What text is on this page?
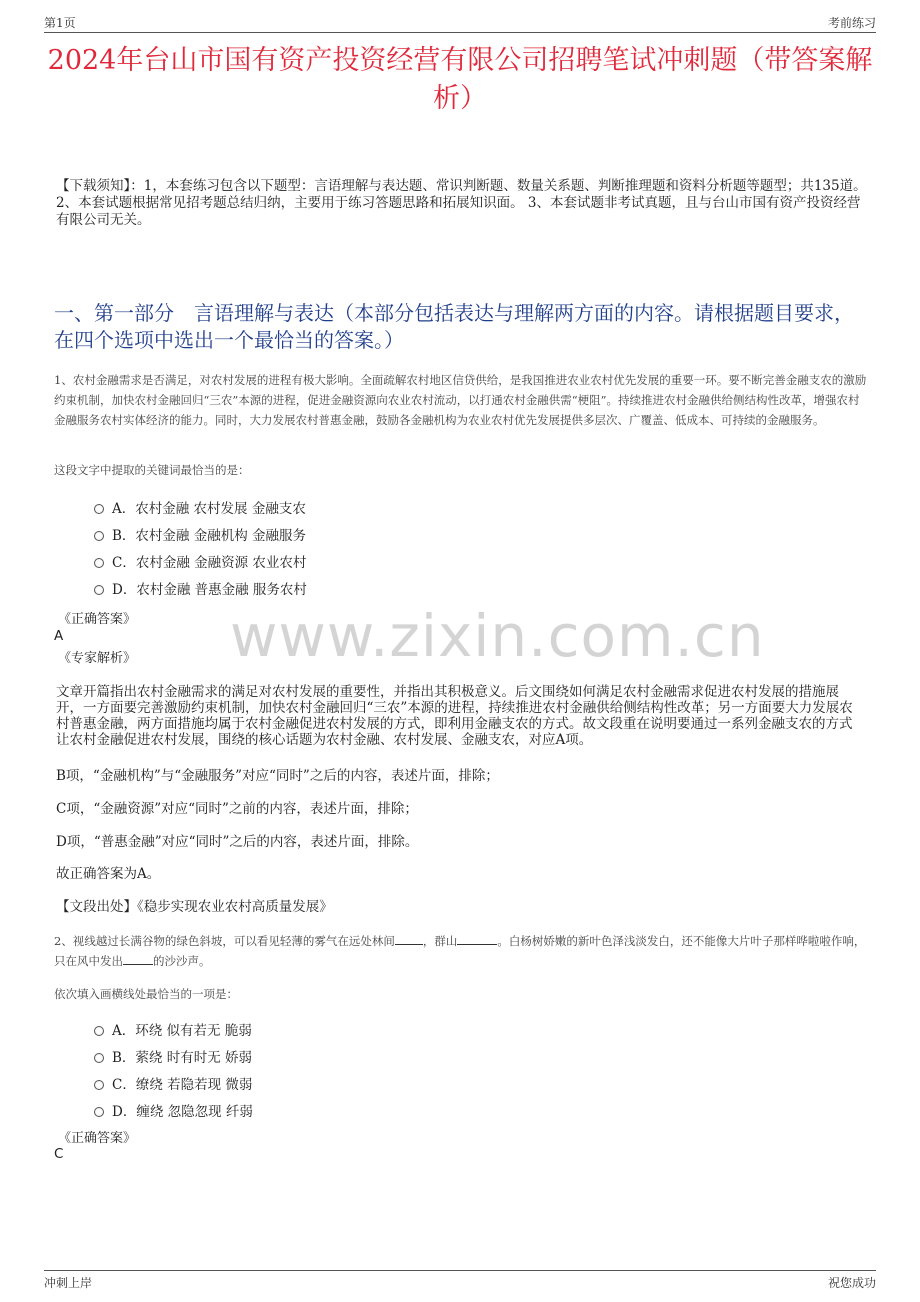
第1页	考前练习
2024年台山市国有资产投资经营有限公司招聘笔试冲刺题（带答案解析）
【下载须知】：1，本套练习包含以下题型：言语理解与表达题、常识判断题、数量关系题、判断推理题和资料分析题等题型；共135道。 2、本套试题根据常见招考题总结归纳，主要用于练习答题思路和拓展知识面。 3、本套试题非考试真题，且与台山市国有资产投资经营有限公司无关。
一、第一部分　言语理解与表达（本部分包括表达与理解两方面的内容。请根据题目要求，在四个选项中选出一个最恰当的答案。）
1、农村金融需求是否满足，对农村发展的进程有极大影响。全面疏解农村地区信贷供给，是我国推进农业农村优先发展的重要一环。要不断完善金融支农的激励约束机制，加快农村金融回归“三农”本源的进程，促进金融资源向农业农村流动，以打通农村金融供需“梗阻”。持续推进农村金融供给侧结构性改革，增强农村金融服务农村实体经济的能力。同时，大力发展农村普惠金融，鼓励各金融机构为农业农村优先发展提供多层次、广覆盖、低成本、可持续的金融服务。
这段文字中提取的关键词最恰当的是：
A．农村金融 农村发展 金融支农
B．农村金融 金融机构 金融服务
C．农村金融 金融资源 农业农村
D．农村金融 普惠金融 服务农村
《正确答案》
A
《专家解析》 www.zixin.com.cn
文章开篇指出农村金融需求的满足对农村发展的重要性，并指出其积极意义。后文围绕如何满足农村金融需求促进农村发展的措施展开，一方面要完善激励约束机制，加快农村金融回归“三农”本源的进程，持续推进农村金融供给侧结构性改革；另一方面要大力发展农村普惠金融，两方面措施均属于农村金融促进农村发展的方式，即利用金融支农的方式。故文段重在说明要通过一系列金融支农的方式让农村金融促进农村发展，围绕的核心话题为农村金融、农村发展、金融支农，对应A项。
B项，“金融机构”与“金融服务”对应“同时”之后的内容，表述片面，排除；
C项，“金融资源”对应“同时”之前的内容，表述片面，排除；
D项，“普惠金融”对应“同时”之后的内容，表述片面，排除。
故正确答案为A。
【文段出处】《稳步实现农业农村高质量发展》
2、视线越过长满谷物的绿色斜坡，可以看见轻薄的雾气在远处林间 ，群山	。白杨树娇嫩的新叶色泽浅淡发白，还不能像大片叶子那样哗啦啦作响，只在风中发出	的沙沙声。
依次填入画横线处最恰当的一项是：
A．环绕 似有若无 脆弱
B．萦绕 时有时无 娇弱
C．缭绕 若隐若现 微弱
D．缠绕 忽隐忽现 纤弱
《正确答案》
C
冲刺上岸	祝您成功
